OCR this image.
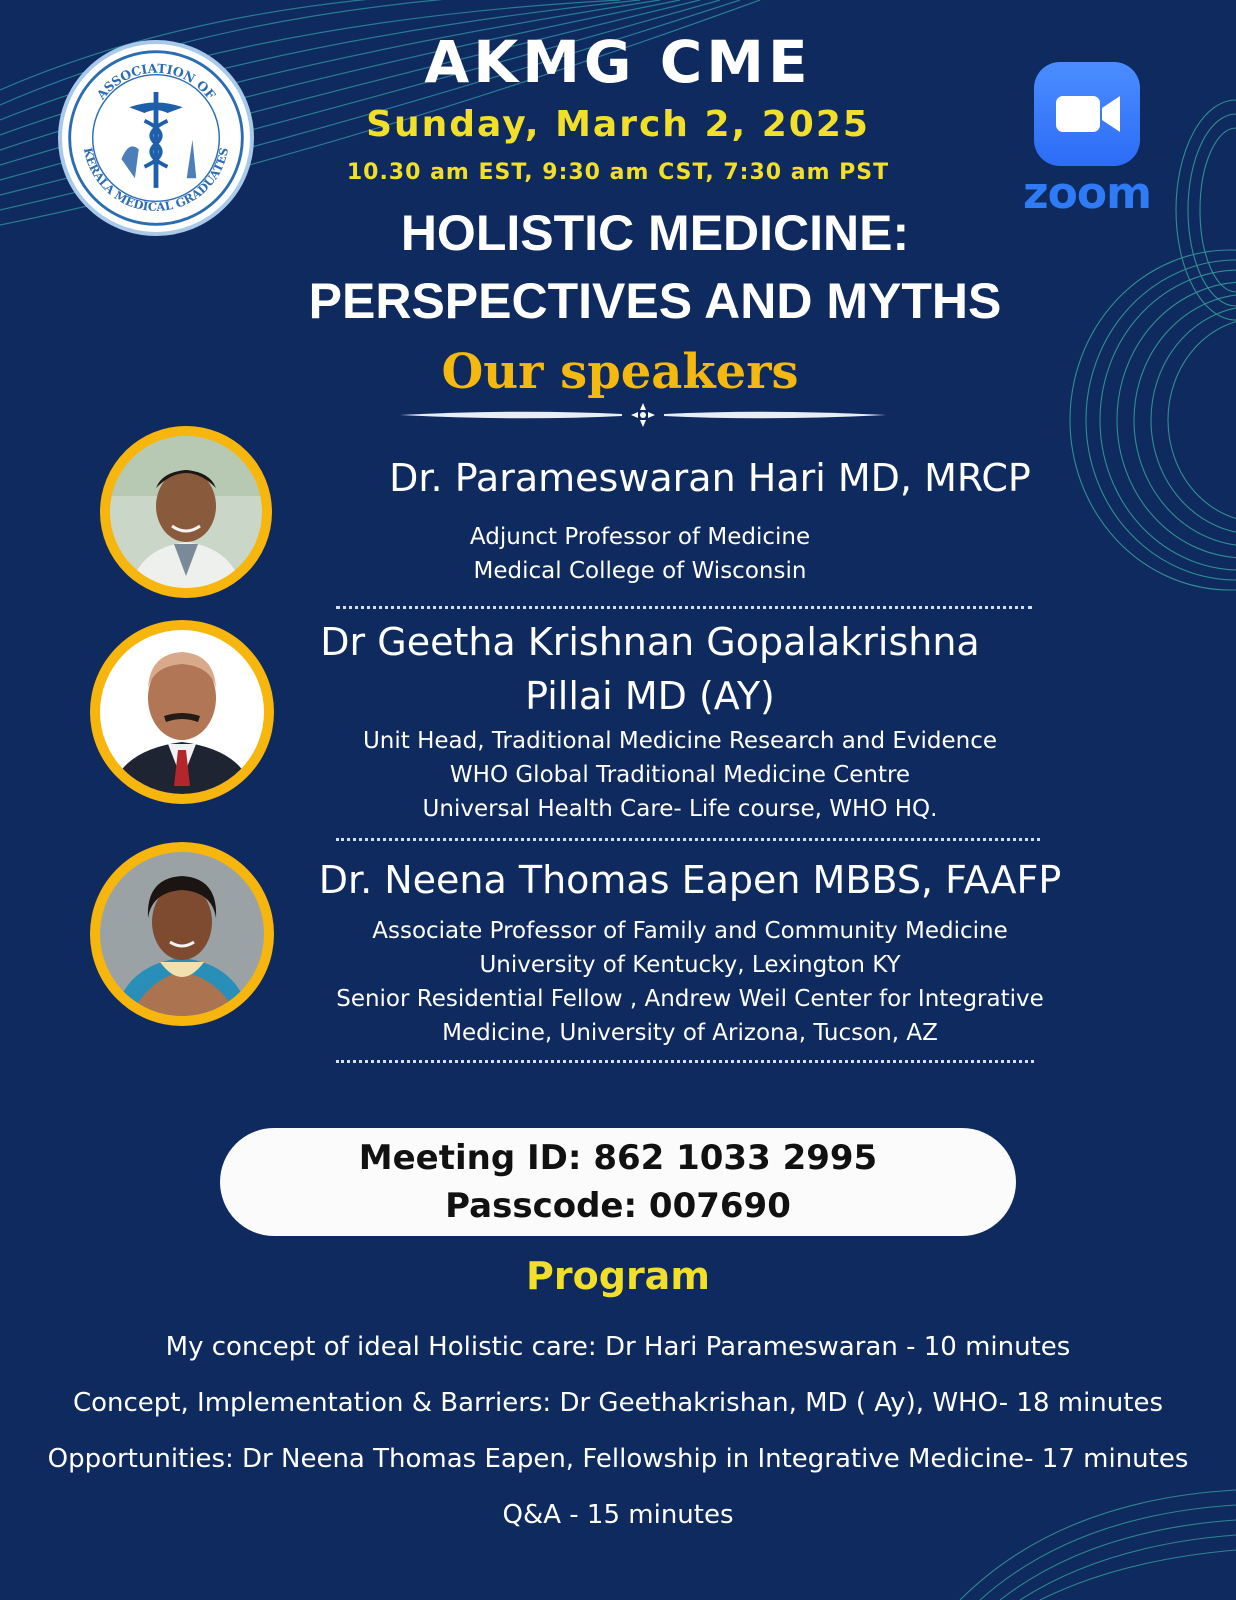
ASSOCIATION OF
KERALA MEDICAL GRADUATES
zoom
AKMG CME
Sunday, March 2, 2025
10.30 am EST, 9:30 am CST, 7:30 am PST
HOLISTIC MEDICINE:
PERSPECTIVES AND MYTHS
Our speakers
Dr. Parameswaran Hari MD, MRCP
Adjunct Professor of Medicine
Medical College of Wisconsin
Dr Geetha Krishnan Gopalakrishna
Pillai MD (AY)
Unit Head, Traditional Medicine Research and Evidence
WHO Global Traditional Medicine Centre
Universal Health Care- Life course, WHO HQ.
Dr. Neena Thomas Eapen MBBS, FAAFP
Associate Professor of Family and Community Medicine
University of Kentucky, Lexington KY
Senior Residential Fellow , Andrew Weil Center for Integrative
Medicine, University of Arizona, Tucson, AZ
Meeting ID: 862 1033 2995
Passcode: 007690
Program
My concept of ideal Holistic care: Dr Hari Parameswaran - 10 minutes
Concept, Implementation & Barriers: Dr Geethakrishan, MD ( Ay), WHO- 18 minutes
Opportunities: Dr Neena Thomas Eapen, Fellowship in Integrative Medicine- 17 minutes
Q&A - 15 minutes
